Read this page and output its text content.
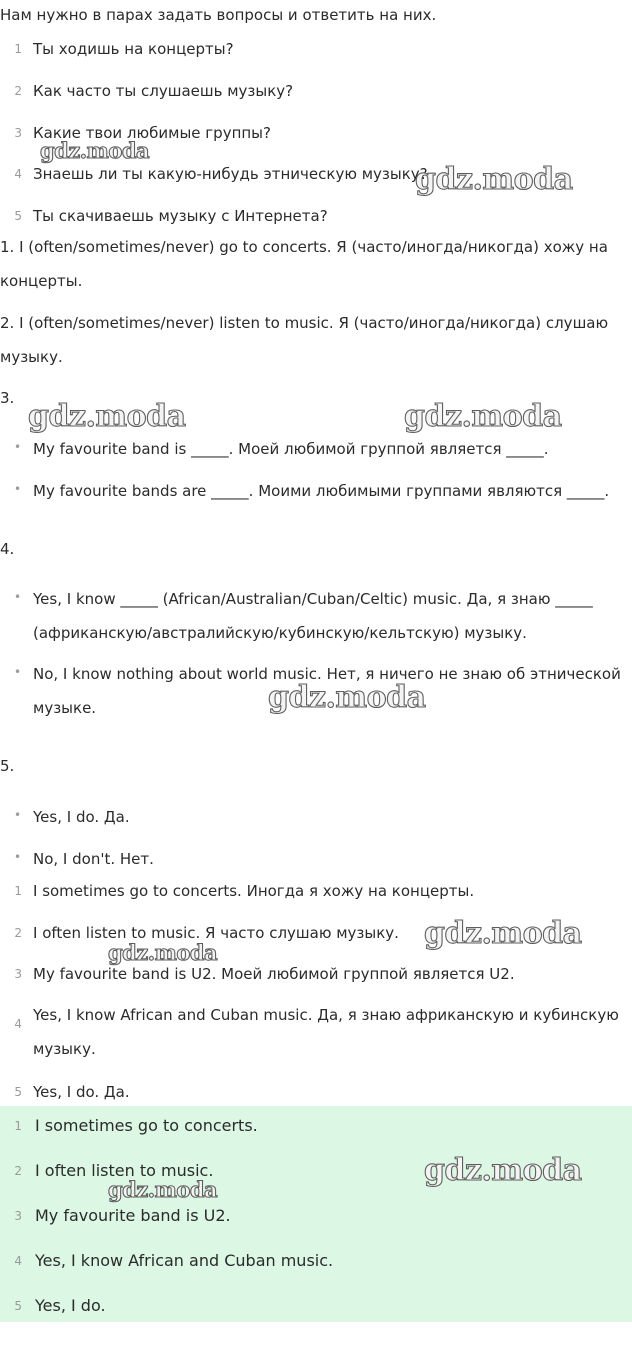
Нам нужно в парах задать вопросы и ответить на них.
1 Ты ходишь на концерты?
2 Как часто ты слушаешь музыку?
3 Какие твои любимые группы?
4 Знаешь ли ты какую-нибудь этническую музыку?
5 Ты скачиваешь музыку с Интернета?
1. I (often/sometimes/never) go to concerts. Я (часто/иногда/никогда) хожу на концерты.
2. I (often/sometimes/never) listen to music. Я (часто/иногда/никогда) слушаю музыку.
3.
• My favourite band is _____. Моей любимой группой является _____.
• My favourite bands are _____. Моими любимыми группами являются _____.
4.
• Yes, I know _____ (African/Australian/Cuban/Celtic) music. Да, я знаю _____ (африканскую/австралийскую/кубинскую/кельтскую) музыку.
• No, I know nothing about world music. Нет, я ничего не знаю об этнической музыке.
5.
• Yes, I do. Да.
• No, I don't. Нет.
1 I sometimes go to concerts. Иногда я хожу на концерты.
2 I often listen to music. Я часто слушаю музыку.
3 My favourite band is U2. Моей любимой группой является U2.
4 Yes, I know African and Cuban music. Да, я знаю африканскую и кубинскую музыку.
5 Yes, I do. Да.
1 I sometimes go to concerts.
2 I often listen to music.
3 My favourite band is U2.
4 Yes, I know African and Cuban music.
5 Yes, I do.
gdz.moda
gdz.moda
gdz.moda	gdz.moda
gdz.moda
gdz.moda
gdz.moda
gdz.moda
gdz.moda
